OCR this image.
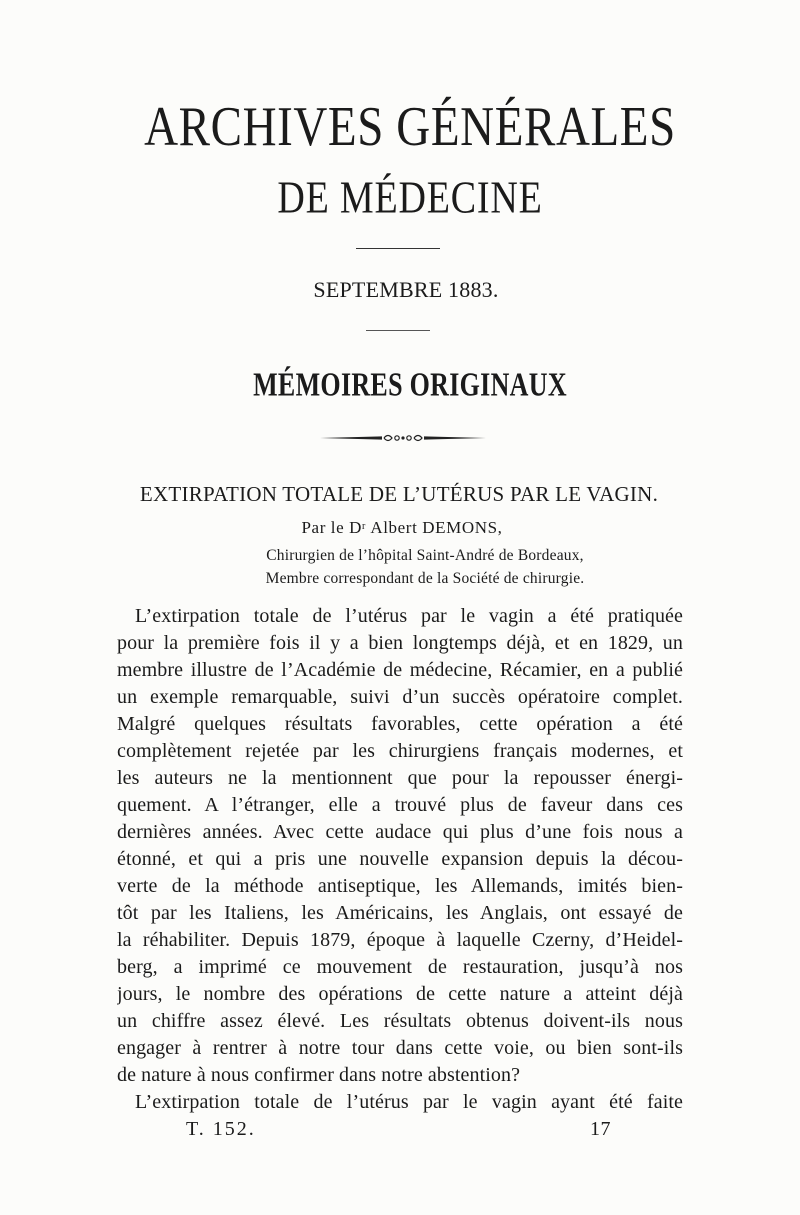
ARCHIVES GÉNÉRALES
DE MÉDECINE
SEPTEMBRE 1883.
MÉMOIRES ORIGINAUX
EXTIRPATION TOTALE DE L’UTÉRUS PAR LE VAGIN.
Par le $D^r$ Albert DEMONS,
Chirurgien de l’hôpital Saint-André de Bordeaux,
Membre correspondant de la Société de chirurgie.
L’extirpation totale de l’utérus par le vagin a été pratiquée
pour la première fois il y a bien longtemps déjà, et en 1829, un
membre illustre de l’Académie de médecine, Récamier, en a publié
un exemple remarquable, suivi d’un succès opératoire complet.
Malgré quelques résultats favorables, cette opération a été
complètement rejetée par les chirurgiens français modernes, et
les auteurs ne la mentionnent que pour la repousser énergi-
quement. A l’étranger, elle a trouvé plus de faveur dans ces
dernières années. Avec cette audace qui plus d’une fois nous a
étonné, et qui a pris une nouvelle expansion depuis la décou-
verte de la méthode antiseptique, les Allemands, imités bien-
tôt par les Italiens, les Américains, les Anglais, ont essayé de
la réhabiliter. Depuis 1879, époque à laquelle Czerny, d’Heidel-
berg, a imprimé ce mouvement de restauration, jusqu’à nos
jours, le nombre des opérations de cette nature a atteint déjà
un chiffre assez élevé. Les résultats obtenus doivent-ils nous
engager à rentrer à notre tour dans cette voie, ou bien sont-ils
de nature à nous confirmer dans notre abstention?
L’extirpation totale de l’utérus par le vagin ayant été faite
T. 152.	17
